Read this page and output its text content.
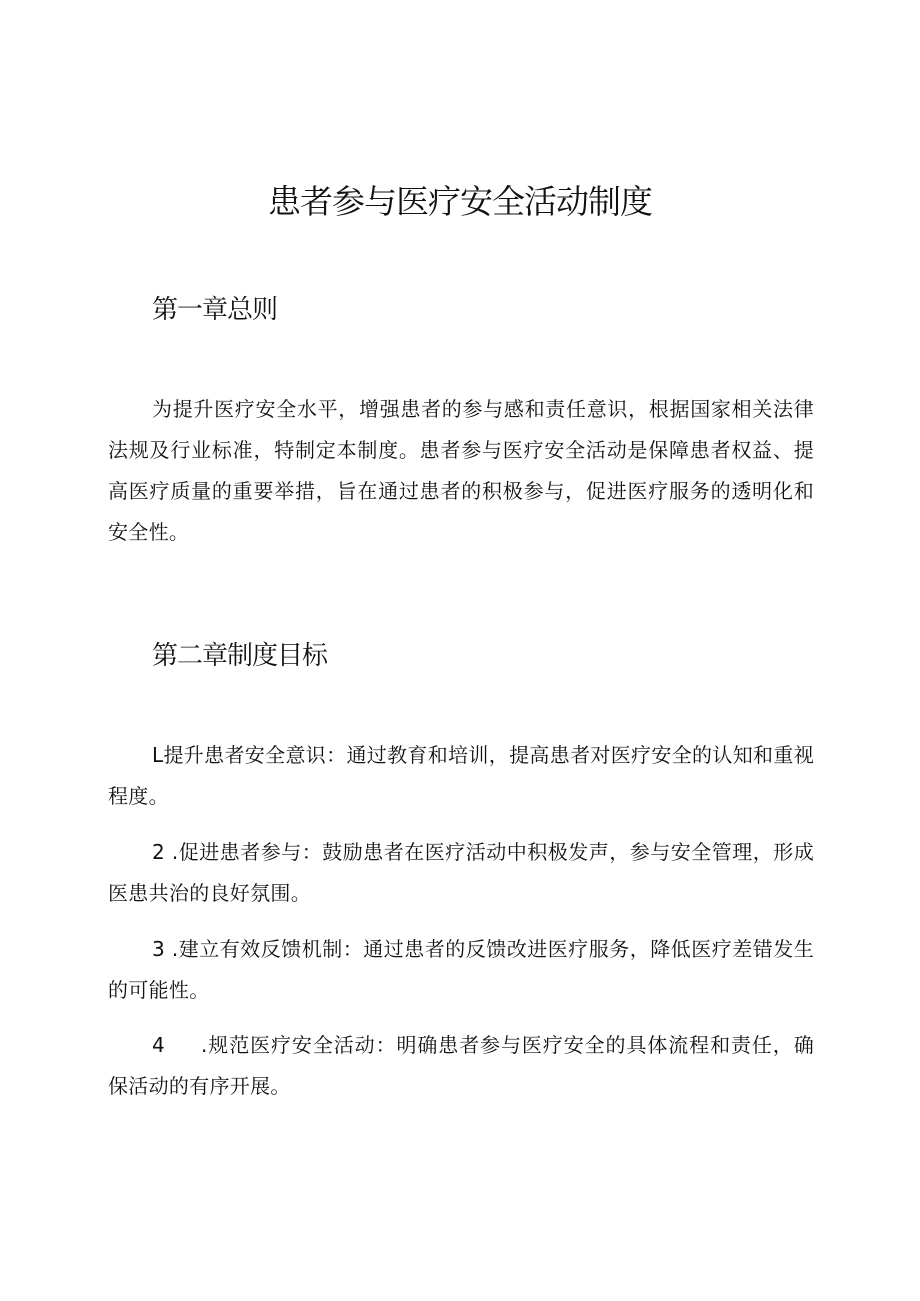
患者参与医疗安全活动制度
第一章总则

为提升医疗安全水平，增强患者的参与感和责任意识，根据国家相关法律法规及行业标准，特制定本制度。患者参与医疗安全活动是保障患者权益、提高医疗质量的重要举措，旨在通过患者的积极参与，促进医疗服务的透明化和安全性。

第二章制度目标

L提升患者安全意识：通过教育和培训，提高患者对医疗安全的认知和重视程度。

2 .促进患者参与：鼓励患者在医疗活动中积极发声，参与安全管理，形成医患共治的良好氛围。

3 .建立有效反馈机制：通过患者的反馈改进医疗服务，降低医疗差错发生的可能性。

4 .规范医疗安全活动：明确患者参与医疗安全的具体流程和责任，确保活动的有序开展。
